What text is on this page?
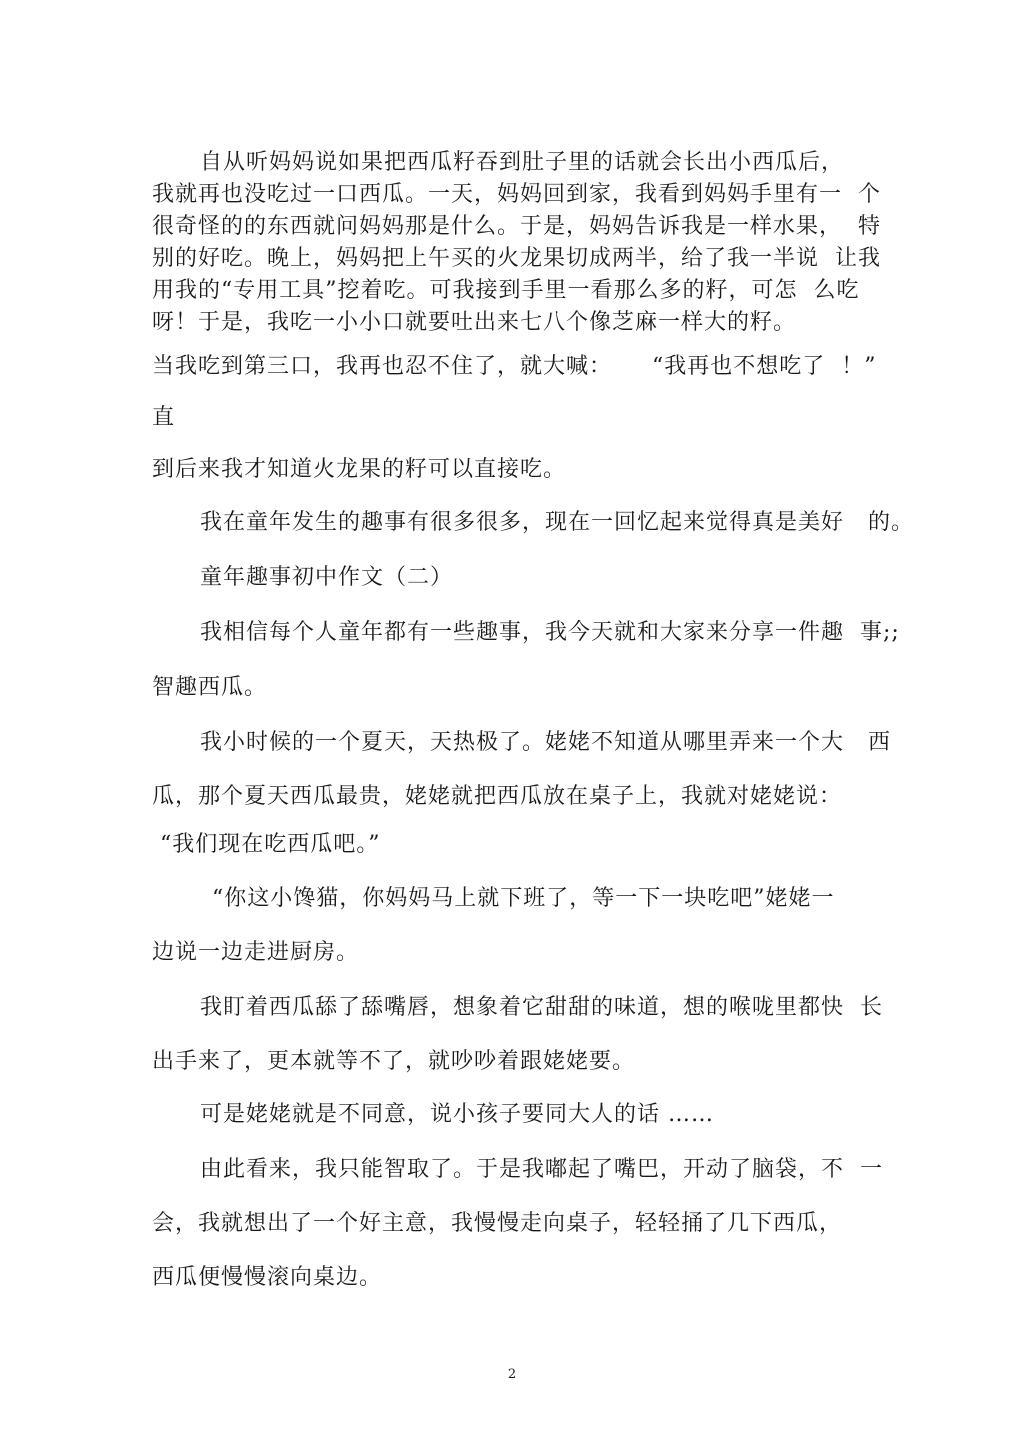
自从听妈妈说如果把西瓜籽吞到肚子里的话就会长出小西瓜后，
我就再也没吃过一口西瓜。一天，妈妈回到家，我看到妈妈手里有一  个
很奇怪的的东西就问妈妈那是什么。于是，妈妈告诉我是一样水果，  特
别的好吃。晚上，妈妈把上午买的火龙果切成两半，给了我一半说  让我
用我的“专用工具”挖着吃。可我接到手里一看那么多的籽，可怎  么吃
呀！于是，我吃一小小口就要吐出来七八个像芝麻一样大的籽。
当我吃到第三口，我再也忍不住了，就大喊：     “我再也不想吃了  ！”
直
到后来我才知道火龙果的籽可以直接吃。
我在童年发生的趣事有很多很多，现在一回忆起来觉得真是美好   的。
童年趣事初中作文（二）
我相信每个人童年都有一些趣事，我今天就和大家来分享一件趣  事;;
智趣西瓜。
我小时候的一个夏天，天热极了。姥姥不知道从哪里弄来一个大   西
瓜，那个夏天西瓜最贵，姥姥就把西瓜放在桌子上，我就对姥姥说：
“我们现在吃西瓜吧。”
“你这小馋猫，你妈妈马上就下班了，等一下一块吃吧”姥姥一
边说一边走进厨房。
我盯着西瓜舔了舔嘴唇，想象着它甜甜的味道，想的喉咙里都快  长
出手来了，更本就等不了，就吵吵着跟姥姥要。
可是姥姥就是不同意，说小孩子要同大人的话 ……
由此看来，我只能智取了。于是我嘟起了嘴巴，开动了脑袋，不  一
会，我就想出了一个好主意，我慢慢走向桌子，轻轻捅了几下西瓜，
西瓜便慢慢滚向桌边。
2
